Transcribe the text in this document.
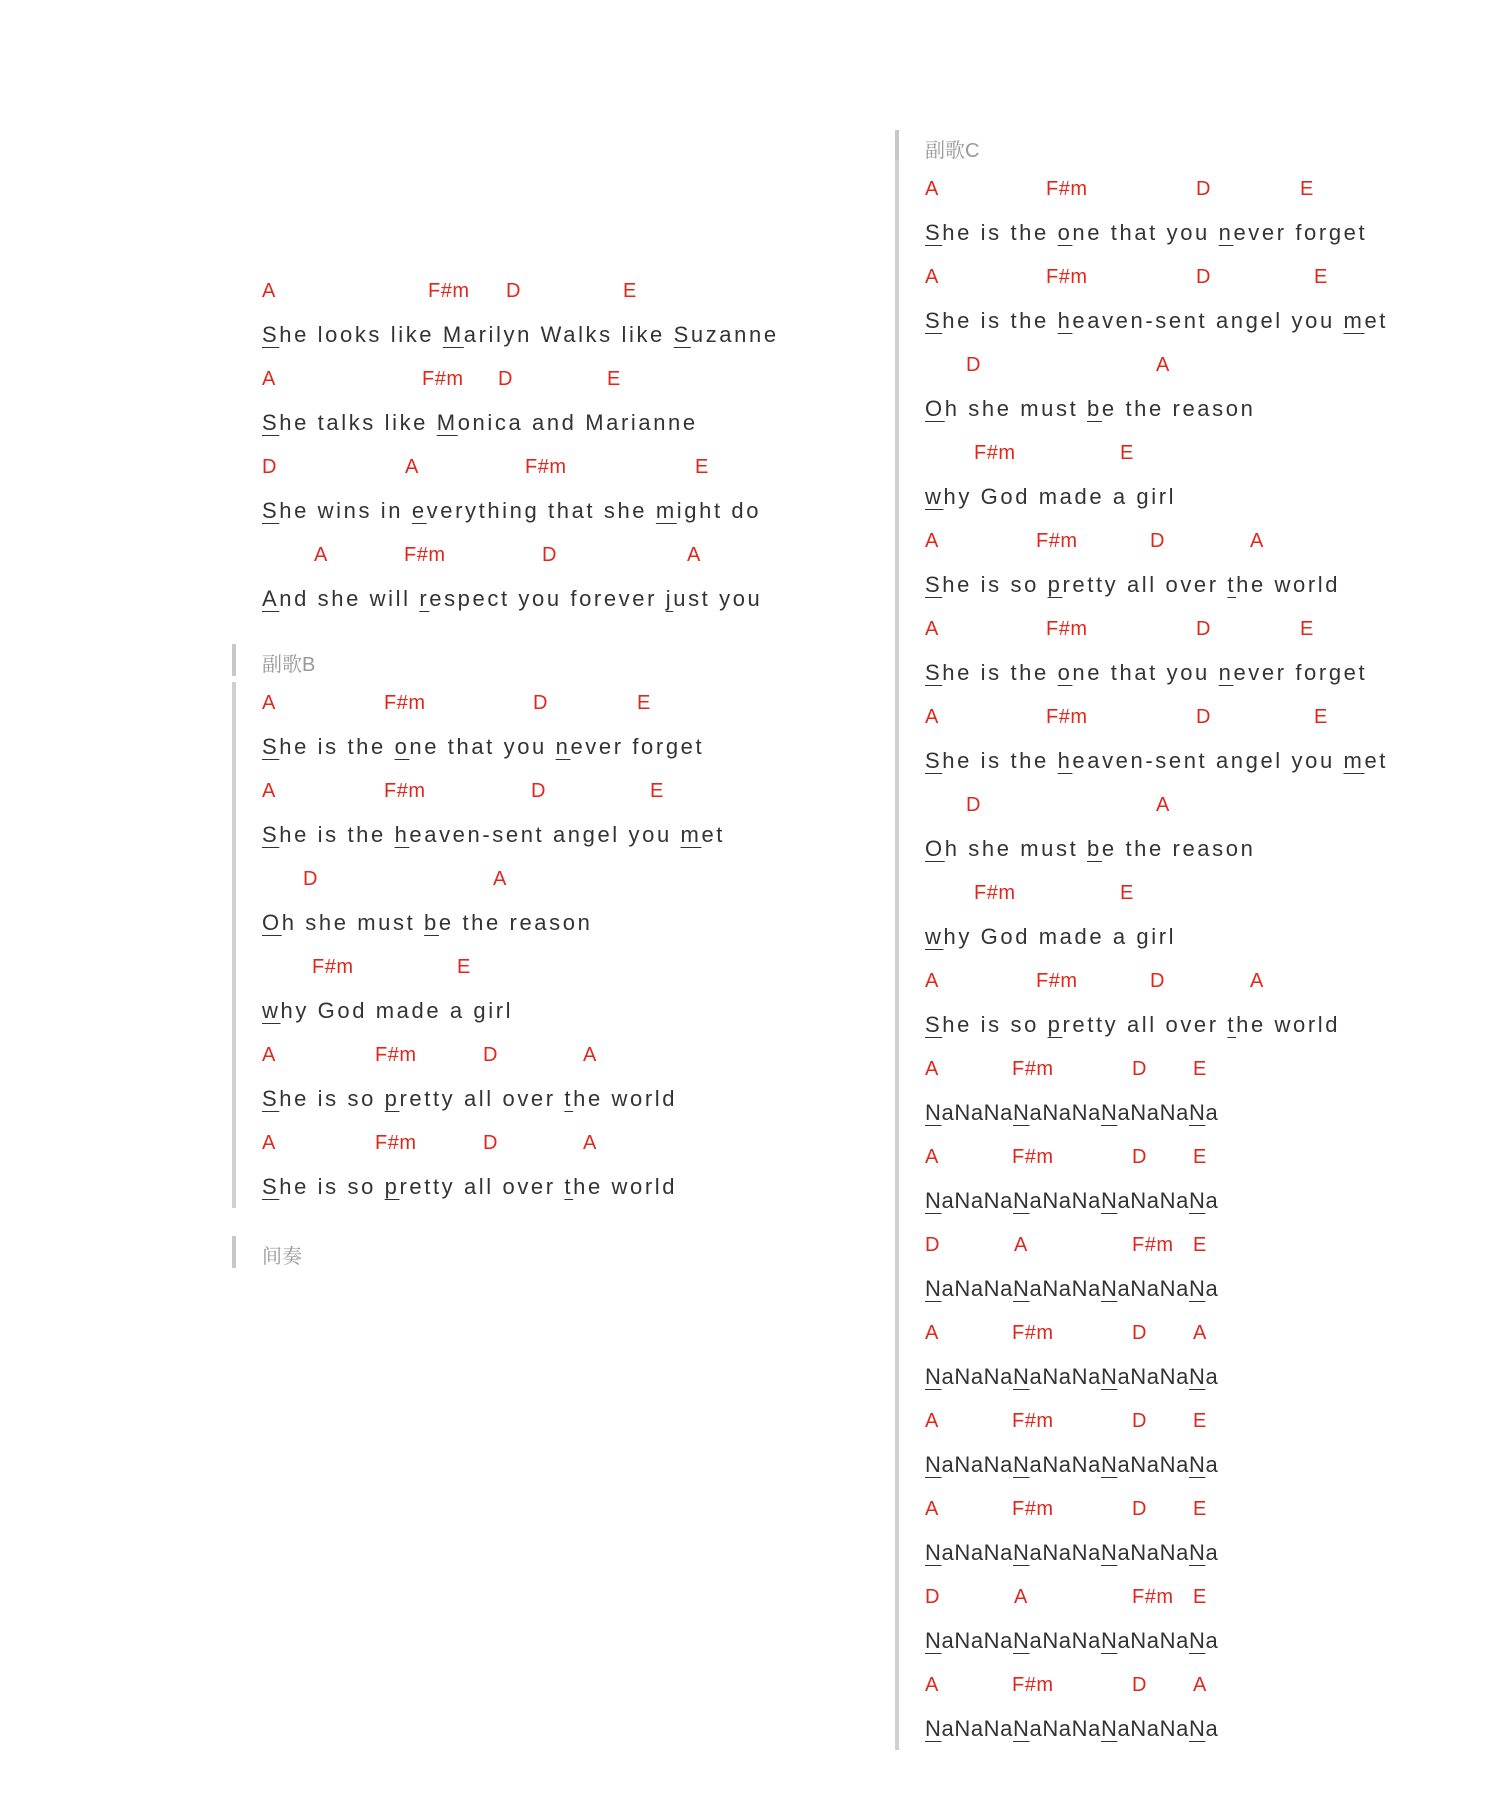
A	F#m D	E
She looks like Marilyn Walks like Suzanne
A	F#m D	E
She talks like Monica and Marianne
D	A	F#m	E
She wins in everything that she might do
A	F#m	D	A
And she will respect you forever just you
副歌B
A	F#m	D	E
She is the one that you never forget
A	F#m	D	E
She is the heaven-sent angel you met
D	A
Oh she must be the reason
F#m	E
why God made a girl
A	F#m	D	A
She is so pretty all over the world
A	F#m	D	A
She is so pretty all over the world
间奏
副歌C
A	F#m	D	E
She is the one that you never forget
A	F#m	D	E
She is the heaven-sent angel you met
D	A
Oh she must be the reason
F#m	E
why God made a girl
A	F#m	D	A
She is so pretty all over the world
A	F#m	D	E
She is the one that you never forget
A	F#m	D	E
She is the heaven-sent angel you met
D	A
Oh she must be the reason
F#m	E
why God made a girl
A	F#m	D	A
She is so pretty all over the world
A	F#m	D E
NaNaNaNaNaNaNaNaNaNa
A	F#m	D E
NaNaNaNaNaNaNaNaNaNa
D	A	F#m E
NaNaNaNaNaNaNaNaNaNa
A	F#m	D A
NaNaNaNaNaNaNaNaNaNa
A	F#m	D E
NaNaNaNaNaNaNaNaNaNa
A	F#m	D E
NaNaNaNaNaNaNaNaNaNa
D	A	F#m E
NaNaNaNaNaNaNaNaNaNa
A	F#m	D A
NaNaNaNaNaNaNaNaNaNa
